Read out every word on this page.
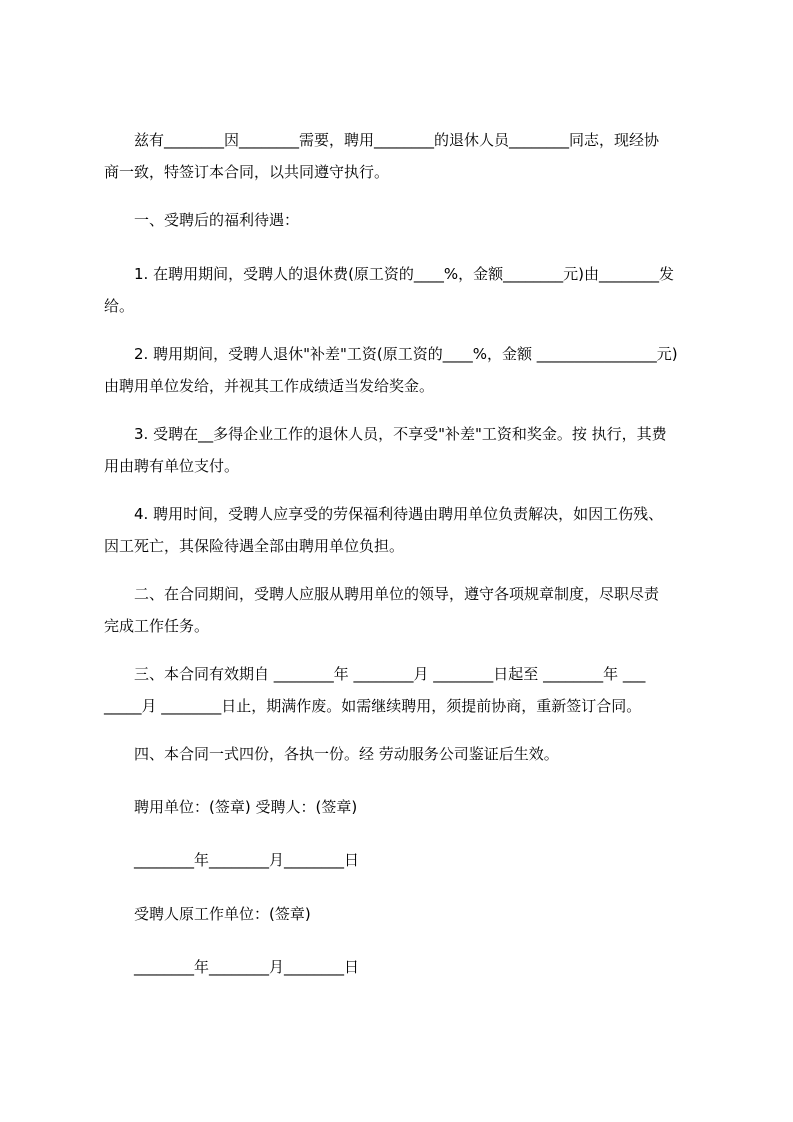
　　兹有________因________需要，聘用________的退休人员________同志，现经协
商一致，特签订本合同，以共同遵守执行。

　　一、受聘后的福利待遇：

　　1. 在聘用期间，受聘人的退休费(原工资的____%，金额________元)由________发
给。

　　2. 聘用期间，受聘人退休"补差"工资(原工资的____%，金额 ________________元)
由聘用单位发给，并视其工作成绩适当发给奖金。

　　3. 受聘在__多得企业工作的退休人员，不享受"补差"工资和奖金。按 执行，其费
用由聘有单位支付。

　　4. 聘用时间，受聘人应享受的劳保福利待遇由聘用单位负责解决，如因工伤残、
因工死亡，其保险待遇全部由聘用单位负担。

　　二、在合同期间，受聘人应服从聘用单位的领导，遵守各项规章制度，尽职尽责
完成工作任务。

　　三、本合同有效期自 ________年 ________月 ________日起至 ________年 ___
_____月 ________日止，期满作废。如需继续聘用，须提前协商，重新签订合同。

　　四、本合同一式四份，各执一份。经 劳动服务公司鉴证后生效。

　　聘用单位：(签章) 受聘人：(签章)

　　________年________月________日

　　受聘人原工作单位：(签章)

　　________年________月________日
